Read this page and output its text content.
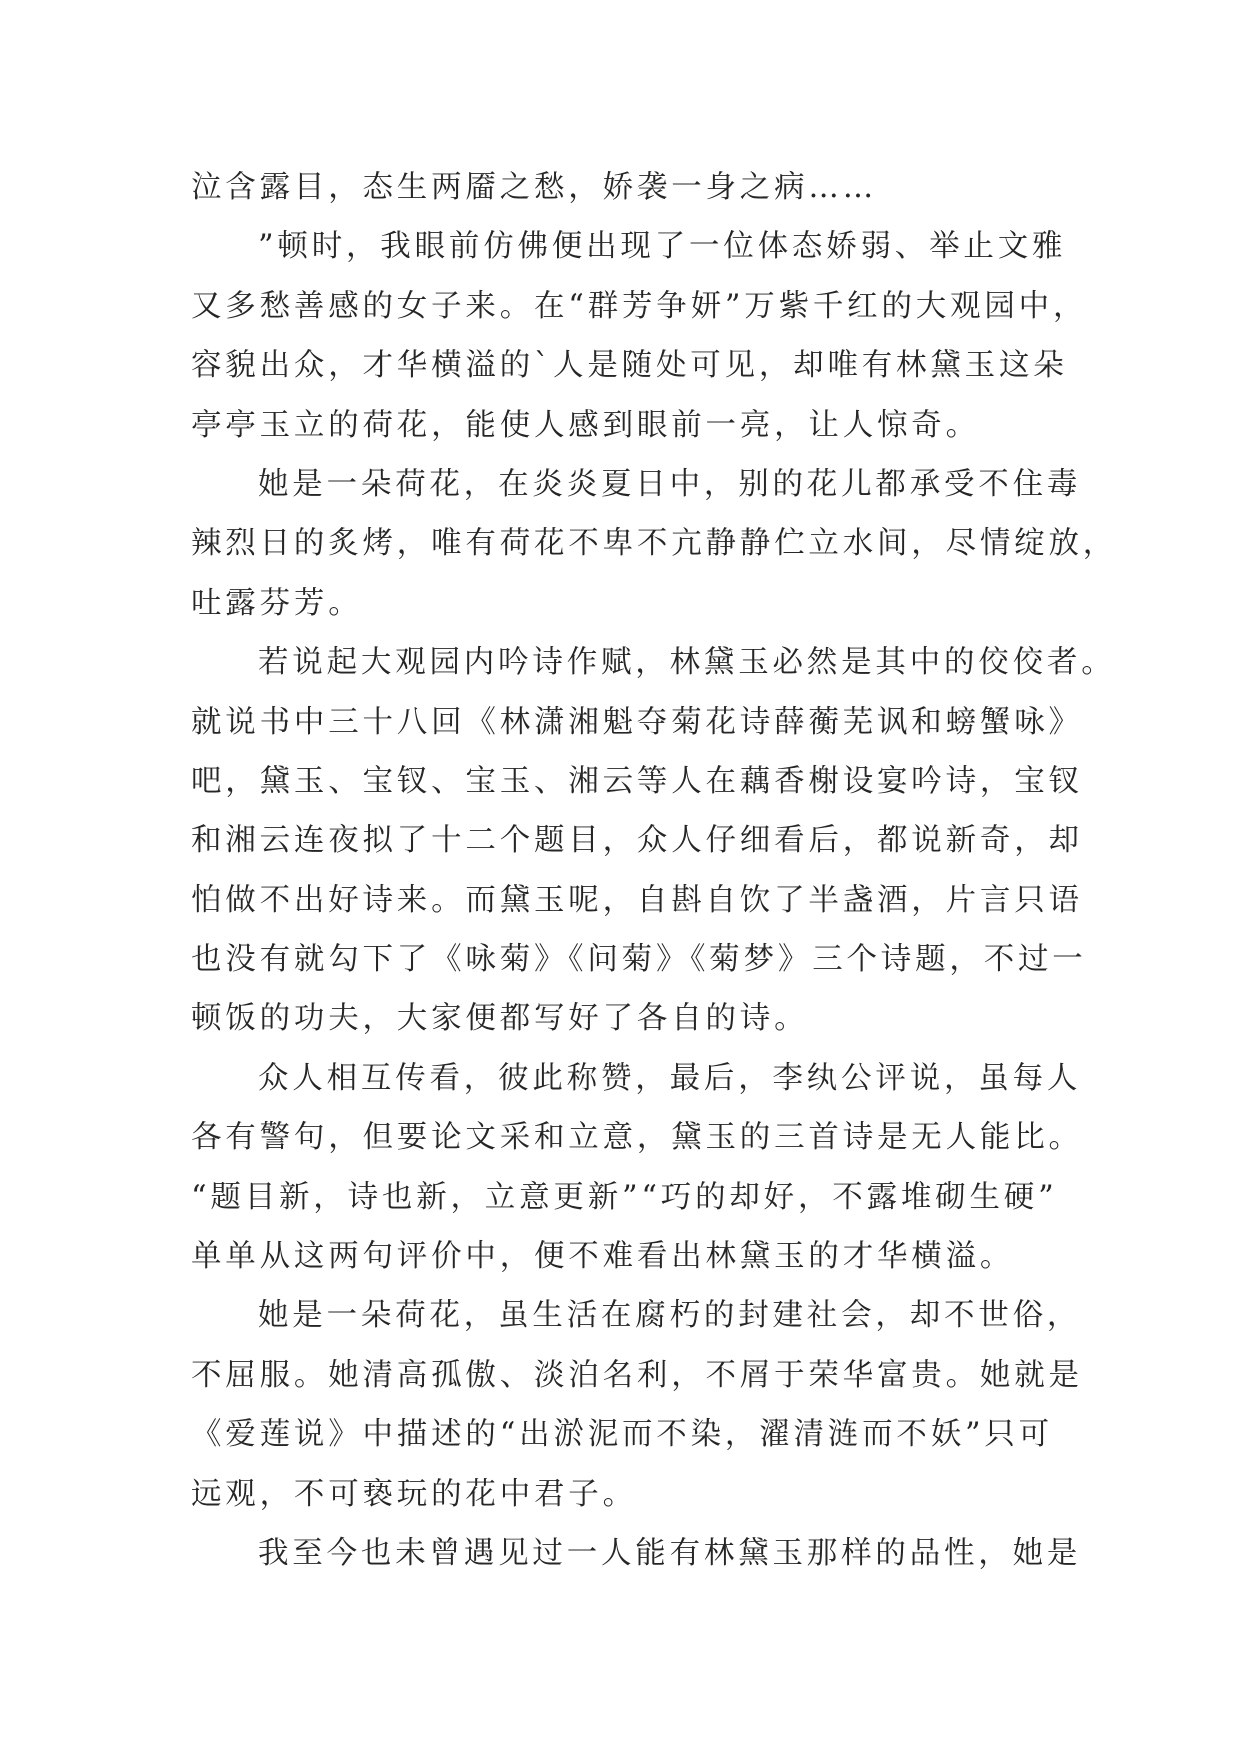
泣含露目，态生两靥之愁，娇袭一身之病……
”顿时，我眼前仿佛便出现了一位体态娇弱、举止文雅
又多愁善感的女子来。在“群芳争妍”万紫千红的大观园中，
容貌出众，才华横溢的`人是随处可见，却唯有林黛玉这朵
亭亭玉立的荷花，能使人感到眼前一亮，让人惊奇。
她是一朵荷花，在炎炎夏日中，别的花儿都承受不住毒
辣烈日的炙烤，唯有荷花不卑不亢静静伫立水间，尽情绽放，
吐露芬芳。
若说起大观园内吟诗作赋，林黛玉必然是其中的佼佼者。
就说书中三十八回《林潇湘魁夺菊花诗薛蘅芜讽和螃蟹咏》
吧，黛玉、宝钗、宝玉、湘云等人在藕香榭设宴吟诗，宝钗
和湘云连夜拟了十二个题目，众人仔细看后，都说新奇，却
怕做不出好诗来。而黛玉呢，自斟自饮了半盏酒，片言只语
也没有就勾下了《咏菊》《问菊》《菊梦》三个诗题，不过一
顿饭的功夫，大家便都写好了各自的诗。
众人相互传看，彼此称赞，最后，李纨公评说，虽每人
各有警句，但要论文采和立意，黛玉的三首诗是无人能比。
“题目新，诗也新，立意更新”“巧的却好，不露堆砌生硬”
单单从这两句评价中，便不难看出林黛玉的才华横溢。
她是一朵荷花，虽生活在腐朽的封建社会，却不世俗，
不屈服。她清高孤傲、淡泊名利，不屑于荣华富贵。她就是
《爱莲说》中描述的“出淤泥而不染，濯清涟而不妖”只可
远观，不可亵玩的花中君子。
我至今也未曾遇见过一人能有林黛玉那样的品性，她是
